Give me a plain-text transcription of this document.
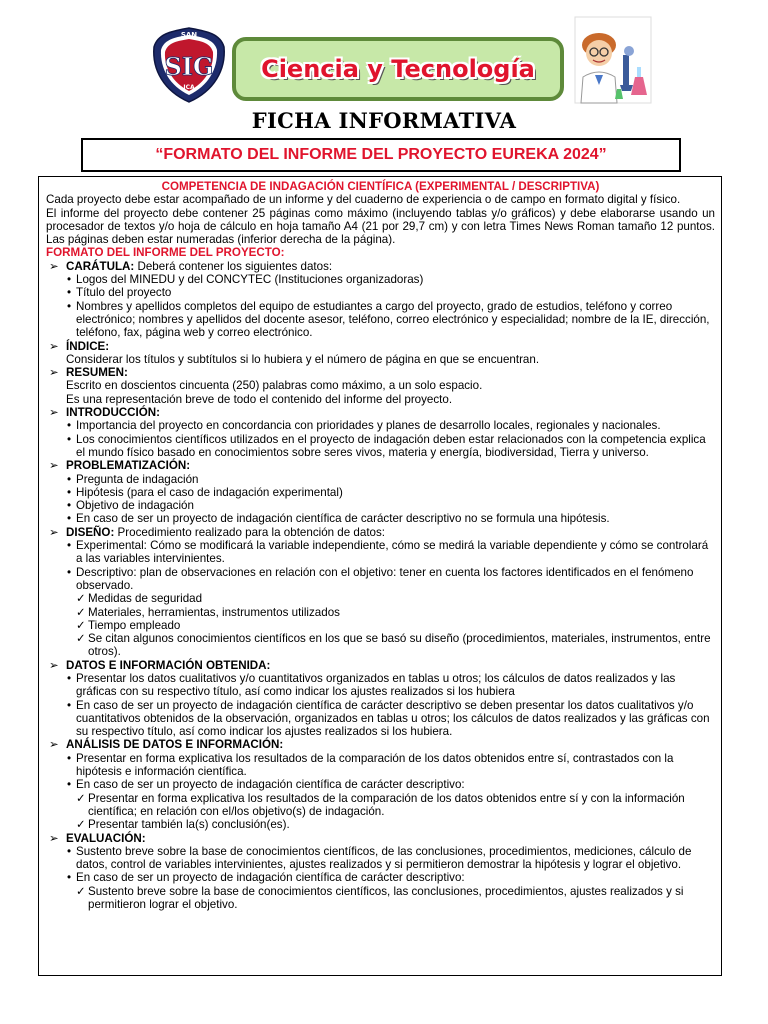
SIG
SAN
ICA
Ciencia y Tecnología
FICHA INFORMATIVA
“FORMATO DEL INFORME DEL PROYECTO EUREKA 2024”
COMPETENCIA DE INDAGACIÓN CIENTÍFICA (EXPERIMENTAL / DESCRIPTIVA)
Cada proyecto debe estar acompañado de un informe y del cuaderno de experiencia o de campo en formato digital y físico.
El informe del proyecto debe contener 25 páginas como máximo (incluyendo tablas y/o gráficos) y debe elaborarse usando un procesador de textos y/o hoja de cálculo en hoja tamaño A4 (21 por 29,7 cm) y con letra Times News Roman tamaño 12 puntos. Las páginas deben estar numeradas (inferior derecha de la página).
FORMATO DEL INFORME DEL PROYECTO:
➢ CARÁTULA: Deberá contener los siguientes datos:
• Logos del MINEDU y del CONCYTEC (Instituciones organizadoras)
• Título del proyecto
• Nombres y apellidos completos del equipo de estudiantes a cargo del proyecto, grado de estudios, teléfono y correo electrónico; nombres y apellidos del docente asesor, teléfono, correo electrónico y especialidad; nombre de la IE, dirección, teléfono, fax, página web y correo electrónico.
➢ ÍNDICE:
Considerar los títulos y subtítulos si lo hubiera y el número de página en que se encuentran.
➢ RESUMEN:
Escrito en doscientos cincuenta (250) palabras como máximo, a un solo espacio.
Es una representación breve de todo el contenido del informe del proyecto.
➢ INTRODUCCIÓN:
• Importancia del proyecto en concordancia con prioridades y planes de desarrollo locales, regionales y nacionales.
• Los conocimientos científicos utilizados en el proyecto de indagación deben estar relacionados con la competencia explica el mundo físico basado en conocimientos sobre seres vivos, materia y energía, biodiversidad, Tierra y universo.
➢ PROBLEMATIZACIÓN:
• Pregunta de indagación
• Hipótesis (para el caso de indagación experimental)
• Objetivo de indagación
• En caso de ser un proyecto de indagación científica de carácter descriptivo no se formula una hipótesis.
➢ DISEÑO: Procedimiento realizado para la obtención de datos:
• Experimental: Cómo se modificará la variable independiente, cómo se medirá la variable dependiente y cómo se controlará a las variables intervinientes.
• Descriptivo: plan de observaciones en relación con el objetivo: tener en cuenta los factores identificados en el fenómeno observado.
✓ Medidas de seguridad
✓ Materiales, herramientas, instrumentos utilizados
✓ Tiempo empleado
✓ Se citan algunos conocimientos científicos en los que se basó su diseño (procedimientos, materiales, instrumentos, entre otros).
➢ DATOS E INFORMACIÓN OBTENIDA:
• Presentar los datos cualitativos y/o cuantitativos organizados en tablas u otros; los cálculos de datos realizados y las gráficas con su respectivo título, así como indicar los ajustes realizados si los hubiera
• En caso de ser un proyecto de indagación científica de carácter descriptivo se deben presentar los datos cualitativos y/o cuantitativos obtenidos de la observación, organizados en tablas u otros; los cálculos de datos realizados y las gráficas con su respectivo título, así como indicar los ajustes realizados si los hubiera.
➢ ANÁLISIS DE DATOS E INFORMACIÓN:
• Presentar en forma explicativa los resultados de la comparación de los datos obtenidos entre sí, contrastados con la hipótesis e información científica.
• En caso de ser un proyecto de indagación científica de carácter descriptivo:
✓ Presentar en forma explicativa los resultados de la comparación de los datos obtenidos entre sí y con la información científica; en relación con el/los objetivo(s) de indagación.
✓ Presentar también la(s) conclusión(es).
➢ EVALUACIÓN:
• Sustento breve sobre la base de conocimientos científicos, de las conclusiones, procedimientos, mediciones, cálculo de datos, control de variables intervinientes, ajustes realizados y si permitieron demostrar la hipótesis y lograr el objetivo.
• En caso de ser un proyecto de indagación científica de carácter descriptivo:
✓ Sustento breve sobre la base de conocimientos científicos, las conclusiones, procedimientos, ajustes realizados y si permitieron lograr el objetivo.
